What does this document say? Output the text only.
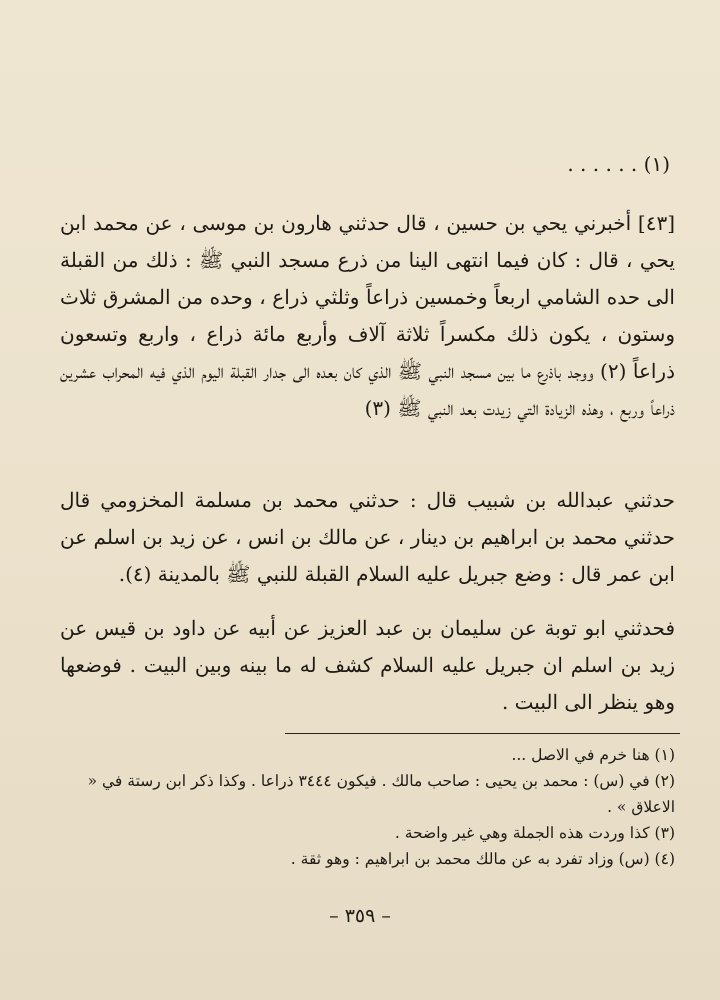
(١) . . . . . .

[٤٣] أخبرني يحي بن حسين ، قال حدثني هارون بن موسى ، عن محمد ابن يحي ، قال : كان فيما انتهى الينا من ذرع مسجد النبي ﷺ : ذلك من القبلة الى حده الشامي اربعاً وخمسين ذراعاً وثلثي ذراع ، وحده من المشرق ثلاث وستون ، يكون ذلك مكسراً ثلاثة آلاف وأربع مائة ذراع ، واربع وتسعون ذراعاً (٢) ووجد باذرع ما بين مسجد النبي ﷺ الذي كان بعده الى جدار القبلة اليوم الذي فيه المحراب عشرين ذراعاً وربع ، وهذه الزيادة التي زيدت بعد النبي ﷺ (٣)

حدثني عبدالله بن شبيب قال : حدثني محمد بن مسلمة المخزومي قال حدثني محمد بن ابراهيم بن دينار ، عن مالك بن انس ، عن زيد بن اسلم عن ابن عمر قال : وضع جبريل عليه السلام القبلة للنبي ﷺ بالمدينة (٤).

فحدثني ابو توبة عن سليمان بن عبد العزيز عن أبيه عن داود بن قيس عن زيد بن اسلم ان جبريل عليه السلام كشف له ما بينه وبين البيت . فوضعها وهو ينظر الى البيت .

(١) هنا خرم في الاصل ...

(٢) في (س) : محمد بن يحيى : صاحب مالك . فيكون ٣٤٤٤ ذراعا . وكذا ذكر ابن رستة في « الاعلاق » .

(٣) كذا وردت هذه الجملة وهي غير واضحة .

(٤) (س) وزاد تفرد به عن مالك محمد بن ابراهيم : وهو ثقة .

– ٣٥٩ –
